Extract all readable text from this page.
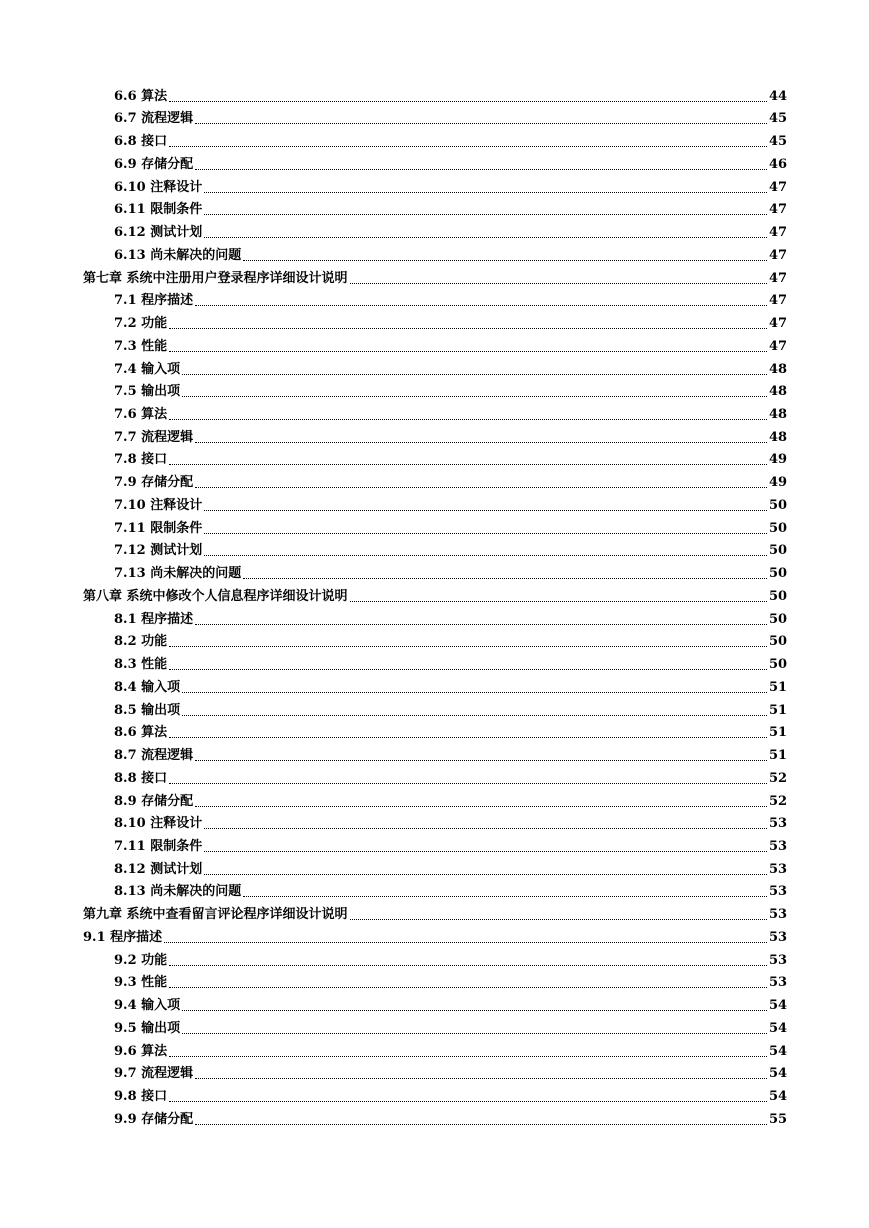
6.6 算法	44
6.7 流程逻辑	45
6.8 接口	45
6.9 存储分配	46
6.10 注释设计	47
6.11 限制条件	47
6.12 测试计划	47
6.13 尚未解决的问题	47
第七章 系统中注册用户登录程序详细设计说明	47
7.1 程序描述	47
7.2 功能	47
7.3 性能	47
7.4 输入项	48
7.5 输出项	48
7.6 算法	48
7.7 流程逻辑	48
7.8 接口	49
7.9 存储分配	49
7.10 注释设计	50
7.11 限制条件	50
7.12 测试计划	50
7.13 尚未解决的问题	50
第八章 系统中修改个人信息程序详细设计说明	50
8.1 程序描述	50
8.2 功能	50
8.3 性能	50
8.4 输入项	51
8.5 输出项	51
8.6 算法	51
8.7 流程逻辑	51
8.8 接口	52
8.9 存储分配	52
8.10 注释设计	53
7.11 限制条件	53
8.12 测试计划	53
8.13 尚未解决的问题	53
第九章 系统中查看留言评论程序详细设计说明	53
9.1 程序描述	53
9.2 功能	53
9.3 性能	53
9.4 输入项	54
9.5 输出项	54
9.6 算法	54
9.7 流程逻辑	54
9.8 接口	54
9.9 存储分配	55
